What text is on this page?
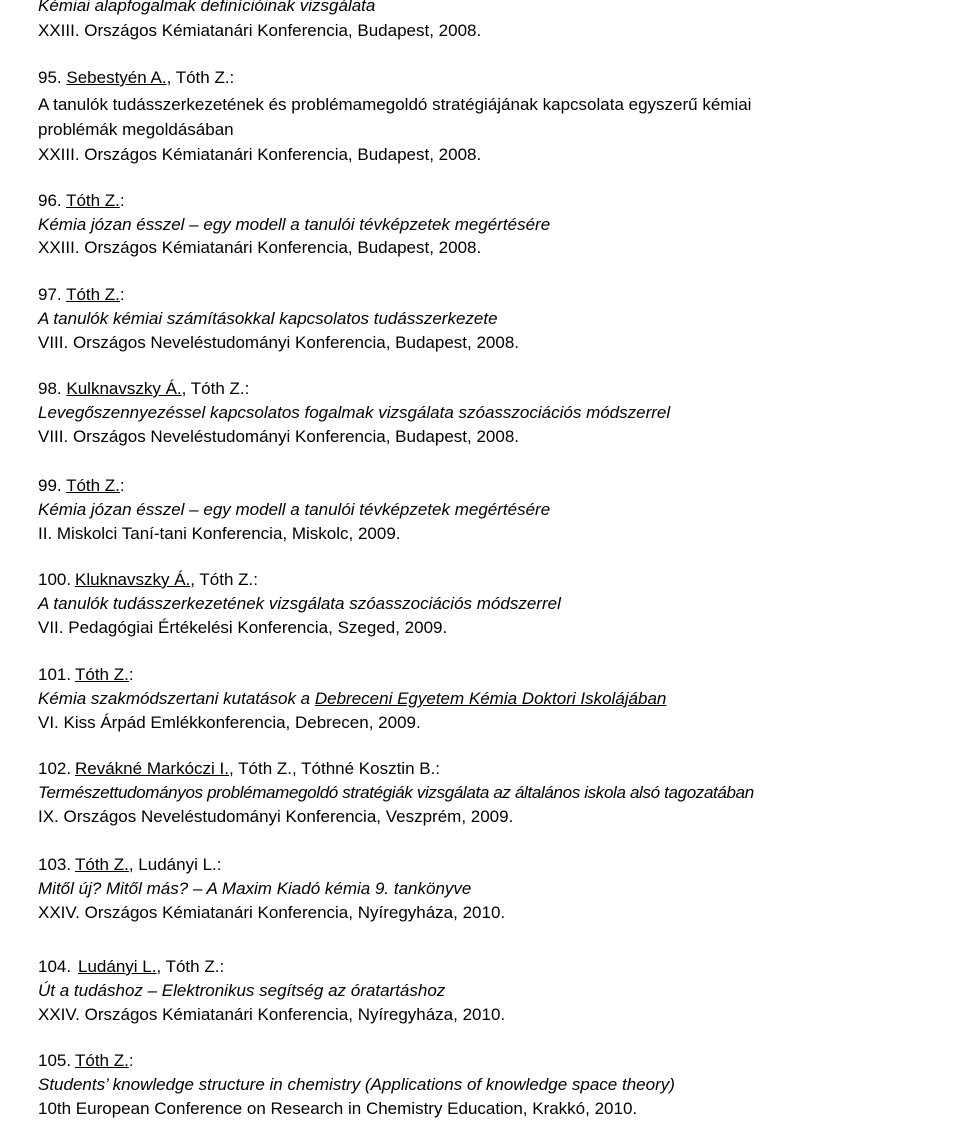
Kémiai alapfogalmak definícióinak vizsgálata
XXIII. Országos Kémiatanári Konferencia, Budapest, 2008.
95. Sebestyén A., Tóth Z.:
A tanulók tudásszerkezetének és problémamegoldó stratégiájának kapcsolata egyszerű kémiai
problémák megoldásában
XXIII. Országos Kémiatanári Konferencia, Budapest, 2008.
96. Tóth Z.:
Kémia józan ésszel – egy modell a tanulói tévképzetek megértésére
XXIII. Országos Kémiatanári Konferencia, Budapest, 2008.
97. Tóth Z.:
A tanulók kémiai számításokkal kapcsolatos tudásszerkezete
VIII. Országos Neveléstudományi Konferencia, Budapest, 2008.
98. Kulknavszky Á., Tóth Z.:
Levegőszennyezéssel kapcsolatos fogalmak vizsgálata szóasszociációs módszerrel
VIII. Országos Neveléstudományi Konferencia, Budapest, 2008.
99. Tóth Z.:
Kémia józan ésszel – egy modell a tanulói tévképzetek megértésére
II. Miskolci Taní-tani Konferencia, Miskolc, 2009.
100. Kluknavszky Á., Tóth Z.:
A tanulók tudásszerkezetének vizsgálata szóasszociációs módszerrel
VII. Pedagógiai Értékelési Konferencia, Szeged, 2009.
101. Tóth Z.:
Kémia szakmódszertani kutatások a Debreceni Egyetem Kémia Doktori Iskolájában
VI. Kiss Árpád Emlékkonferencia, Debrecen, 2009.
102. Revákné Markóczi I., Tóth Z., Tóthné Kosztin B.:
Természettudományos problémamegoldó stratégiák vizsgálata az általános iskola alsó tagozatában
IX. Országos Neveléstudományi Konferencia, Veszprém, 2009.
103. Tóth Z., Ludányi L.:
Mitől új? Mitől más? – A Maxim Kiadó kémia 9. tankönyve
XXIV. Országos Kémiatanári Konferencia, Nyíregyháza, 2010.
104. Ludányi L., Tóth Z.:
Út a tudáshoz – Elektronikus segítség az óratartáshoz
XXIV. Országos Kémiatanári Konferencia, Nyíregyháza, 2010.
105. Tóth Z.:
Students’ knowledge structure in chemistry (Applications of knowledge space theory)
10th European Conference on Research in Chemistry Education, Krakkó, 2010.
